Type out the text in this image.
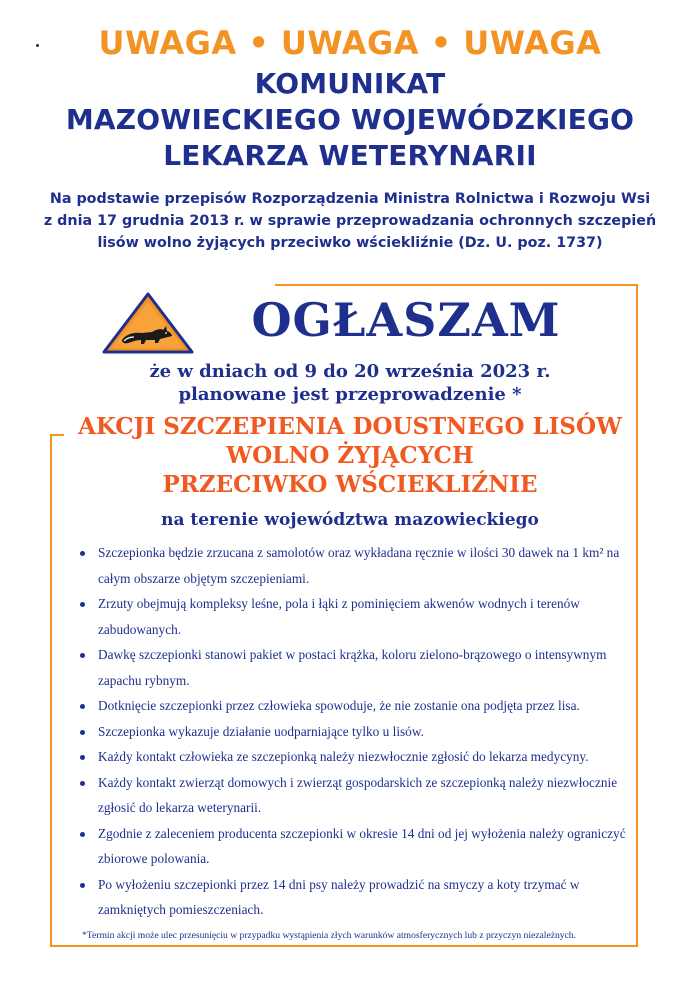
UWAGA • UWAGA • UWAGA
KOMUNIKAT
MAZOWIECKIEGO WOJEWÓDZKIEGO
LEKARZA WETERYNARII
Na podstawie przepisów Rozporządzenia Ministra Rolnictwa i Rozwoju Wsi
z dnia 17 grudnia 2013 r. w sprawie przeprowadzania ochronnych szczepień
lisów wolno żyjących przeciwko wściekliźnie (Dz. U. poz. 1737)
OGŁASZAM
że w dniach od 9 do 20 września 2023 r.
planowane jest przeprowadzenie *
AKCJI SZCZEPIENIA DOUSTNEGO LISÓW
WOLNO ŻYJĄCYCH
PRZECIWKO WŚCIEKLIŹNIE
na terenie województwa mazowieckiego
Szczepionka będzie zrzucana z samolotów oraz wykładana ręcznie w ilości 30 dawek na 1 km² na całym obszarze objętym szczepieniami.
Zrzuty obejmują kompleksy leśne, pola i łąki z pominięciem akwenów wodnych i terenów zabudowanych.
Dawkę szczepionki stanowi pakiet w postaci krążka, koloru zielono-brązowego o intensywnym zapachu rybnym.
Dotknięcie szczepionki przez człowieka spowoduje, że nie zostanie ona podjęta przez lisa.
Szczepionka wykazuje działanie uodparniające tylko u lisów.
Każdy kontakt człowieka ze szczepionką należy niezwłocznie zgłosić do lekarza medycyny.
Każdy kontakt zwierząt domowych i zwierząt gospodarskich ze szczepionką należy niezwłocznie zgłosić do lekarza weterynarii.
Zgodnie z zaleceniem producenta szczepionki w okresie 14 dni od jej wyłożenia należy ograniczyć zbiorowe polowania.
Po wyłożeniu szczepionki przez 14 dni psy należy prowadzić na smyczy a koty trzymać w zamkniętych pomieszczeniach.
*Termin akcji może ulec przesunięciu w przypadku wystąpienia złych warunków atmosferycznych lub z przyczyn niezależnych.
